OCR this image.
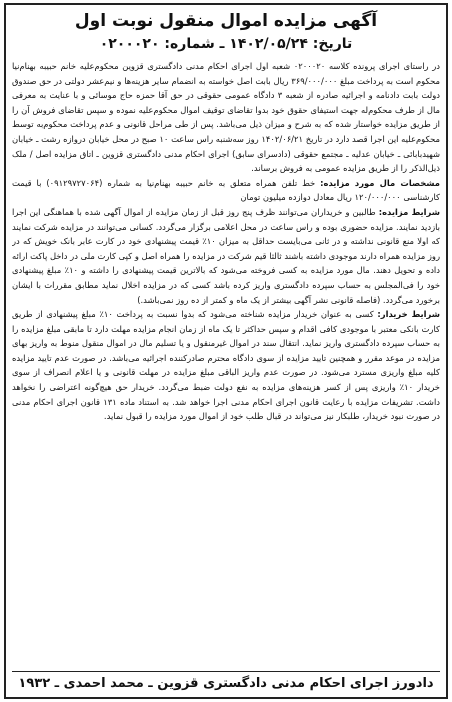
آگهی مزایده اموال منقول نوبت اول
تاریخ: ۱۴۰۲/۰۵/۲۴ ـ شماره: ۰۲۰۰۰۲۰

در راستای اجرای پرونده کلاسه ۰۲۰۰۰۲۰ شعبه اول اجرای احکام مدنی دادگستری قزوین محکوم‌علیه خانم حبیبه بهنام‌نیا محکوم است به پرداخت مبلغ ۳۶۹/۰۰۰/۰۰۰ ریال بابت اصل خواسته به انضمام سایر هزینه‌ها و نیم‌عشر دولتی در حق صندوق دولت بابت دادنامه و اجرائیه صادره از شعبه ۳ دادگاه عمومی حقوقی در حق آقا حمزه حاج موسائی و با عنایت به معرفی مال از طرف محکوم‌له جهت استیفای حقوق خود بدوا تقاضای توقیف اموال محکوم‌علیه نموده و سپس تقاضای فروش آن را از طریق مزایده خواستار شده که به شرح و میزان ذیل می‌باشد. پس از طی مراحل قانونی و عدم پرداخت محکوم‌به توسط محکوم‌علیه این اجرا قصد دارد در تاریخ ۱۴۰۲/۰۶/۲۱ روز سه‌شنبه راس ساعت ۱۰ صبح در محل خیابان دروازه رشت ـ خیابان شهیدبابائی ـ خیابان عدلیه ـ مجتمع حقوقی (دادسرای سابق) اجرای احکام مدنی دادگستری قزوین ـ اتاق مزایده اصل / ملک ذیل‌الذکر را از طریق مزایده عمومی به فروش برساند.

مشخصات مال مورد مزایده: خط تلفن همراه متعلق به خانم حبیبه بهنام‌نیا به شماره (۰۹۱۲۹۷۲۷۰۶۴) با قیمت کارشناسی ۱۲۰/۰۰۰/۰۰۰ ریال معادل دوازده میلیون تومان

شرایط مزایده: طالبین و خریداران می‌توانند ظرف پنج روز قبل از زمان مزایده از اموال آگهی شده با هماهنگی این اجرا بازدید نمایند. مزایده حضوری بوده و راس ساعت در محل اعلامی برگزار می‌گردد. کسانی می‌توانند در مزایده شرکت نمایند که اولا منع قانونی نداشته و در ثانی می‌بایست حداقل به میزان ۱۰٪ قیمت پیشنهادی خود در کارت عابر بانک خویش که در روز مزایده همراه دارند موجودی داشته باشند ثالثا قیم شرکت در مزایده را همراه اصل و کپی کارت ملی در داخل پاکت ارائه داده و تحویل دهند. مال مورد مزایده به کسی فروخته می‌شود که بالاترین قیمت پیشنهادی را داشته و ۱۰٪ مبلغ پیشنهادی خود را فی‌المجلس به حساب سپرده دادگستری واریز کرده باشد کسی که در مزایده اخلال نماید مطابق مقررات با ایشان برخورد می‌گردد. (فاصله قانونی نشر آگهی بیشتر از یک ماه و کمتر از ده روز نمی‌باشد.)

شرایط خریدار: کسی به عنوان خریدار مزایده شناخته می‌شود که بدوا نسبت به پرداخت ۱۰٪ مبلغ پیشنهادی از طریق کارت بانکی معتبر با موجودی کافی اقدام و سپس حداکثر تا یک ماه از زمان انجام مزایده مهلت دارد تا مابقی مبلغ مزایده را به حساب سپرده دادگستری واریز نماید. انتقال سند در اموال غیرمنقول و یا تسلیم مال در اموال منقول منوط به واریز بهای مزایده در موعد مقرر و همچنین تایید مزایده از سوی دادگاه محترم صادرکننده اجرائیه می‌باشد. در صورت عدم تایید مزایده کلیه مبلغ واریزی مسترد می‌شود. در صورت عدم واریز الباقی مبلغ مزایده در مهلت قانونی و یا اعلام انصراف از سوی خریدار ۱۰٪ واریزی پس از کسر هزینه‌های مزایده به نفع دولت ضبط می‌گردد. خریدار حق هیچ‌گونه اعتراضی را نخواهد داشت. تشریفات مزایده با رعایت قانون اجرای احکام مدنی اجرا خواهد شد. به استناد ماده ۱۳۱ قانون اجرای احکام مدنی در صورت نبود خریدار، طلبکار نیز می‌تواند در قبال طلب خود از اموال مورد مزایده را قبول نماید.

دادورز اجرای احکام مدنی دادگستری قزوین ـ محمد احمدی ـ ۱۹۳۲
